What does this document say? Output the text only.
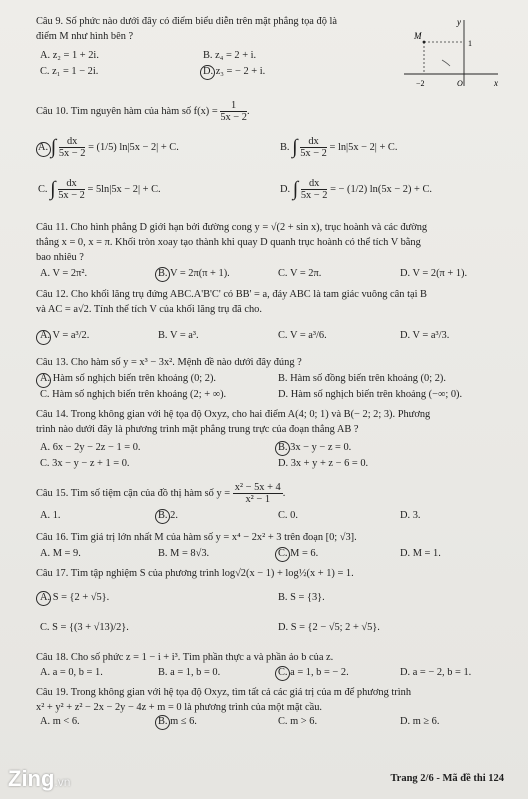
Câu 9. Số phức nào dưới đây có điểm biểu diễn trên mặt phẳng tọa độ là
điểm M như hình bên ?
A. z₂ = 1 + 2i.	B. z₄ = 2 + i.
C. z₁ = 1 − 2i.	D. z₃ = − 2 + i.
y
x
M
1
−2	O
Câu 10. Tìm nguyên hàm của hàm số $f(x) = \frac{1}{5x - 2}$ .
A. ∫ $\frac{dx}{5x - 2} = (1/5) \ln|5x - 2| + C$.	B. ∫ $\frac{dx}{5x - 2} = \ln|5x - 2| + C$.
C. ∫ $\frac{dx}{5x - 2} = 5\ln|5x - 2| + C$.	D. ∫ $\frac{dx}{5x - 2}$ = − (1/2) ln(5x − 2) + C.
Câu 11. Cho hình phẳng D giới hạn bởi đường cong y = √(2 + sin x), trục hoành và các đường
thẳng x = 0, x = π. Khối tròn xoay tạo thành khi quay D quanh trục hoành có thể tích V bằng
bao nhiêu ?
A. V = 2π².	B. V = 2π(π + 1).	C. V = 2π.	D. V = 2(π + 1).
Câu 12. Cho khối lăng trụ đứng ABC.A'B'C' có BB' = a, đáy ABC là tam giác vuông cân tại B
và AC = a√2. Tính thể tích V của khối lăng trụ đã cho.
A. V = a³/2.	B. V = a³.	C. V = a³/6.	D. V = a³/3.
Câu 13. Cho hàm số y = x³ − 3x². Mệnh đề nào dưới đây đúng ?
A. Hàm số nghịch biến trên khoảng (0; 2).	B. Hàm số đồng biến trên khoảng (0; 2).
C. Hàm số nghịch biến trên khoảng (2; + ∞).	D. Hàm số nghịch biến trên khoảng (−∞; 0).
Câu 14. Trong không gian với hệ tọa độ Oxyz, cho hai điểm A(4; 0; 1) và B(− 2; 2; 3). Phương
trình nào dưới đây là phương trình mặt phẳng trung trực của đoạn thẳng AB ?
A. 6x − 2y − 2z − 1 = 0.	B. 3x − y − z = 0.
C. 3x − y − z + 1 = 0.	D. 3x + y + z − 6 = 0.
Câu 15. Tìm số tiệm cận của đồ thị hàm số $y = \frac{\text{x² − 5x + 4}}{\text{x² − 1}}$ .
A. 1.	B. 2.	C. 0.	D. 3.
Câu 16. Tìm giá trị lớn nhất M của hàm số y = x⁴ − 2x² + 3 trên đoạn [0; √3].
A. M = 9.	B. M = 8√3.	C. M = 6.	D. M = 1.
Câu 17. Tìm tập nghiệm S của phương trình log√2(x − 1) + log½(x + 1) = 1.
A. S = {2 + √5}.	B. S = {3}.
C. S = {(3 + √13)/2}.	D. S = {2 − √5; 2 + √5}.
Câu 18. Cho số phức z = 1 − i + i³. Tìm phần thực a và phần ảo b của z.
A. a = 0, b = 1.	B. a = 1, b = 0.	C. a = 1, b = − 2.	D. a = − 2, b = 1.
Câu 19. Trong không gian với hệ tọa độ Oxyz, tìm tất cả các giá trị của m để phương trình
x² + y² + z² − 2x − 2y − 4z + m = 0 là phương trình của một mặt cầu.
A. m < 6.	B. m ≤ 6.	C. m > 6.	D. m ≥ 6.
Zing.vn	Trang 2/6 - Mã đề thi 124
